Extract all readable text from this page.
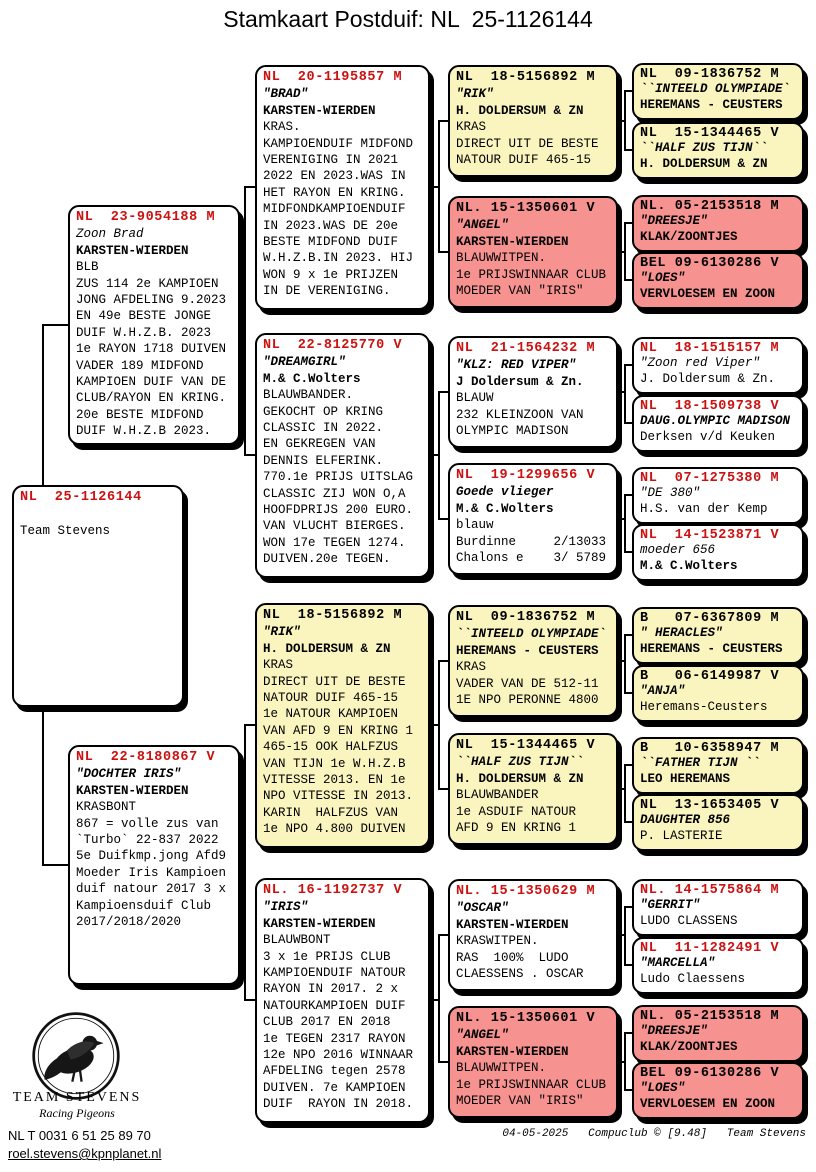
Stamkaart Postduif: NL  25-1126144
NL  25-1126144

Team Stevens
NL  23-9054188 M
Zoon Brad
KARSTEN-WIERDEN
BLB
ZUS 114 2e KAMPIOEN
JONG AFDELING 9.2023
EN 49e BESTE JONGE
DUIF W.H.Z.B. 2023
1e RAYON 1718 DUIVEN
VADER 189 MIDFOND
KAMPIOEN DUIF VAN DE
CLUB/RAYON EN KRING.
20e BESTE MIDFOND
DUIF W.H.Z.B 2023.
NL  22-8180867 V
"DOCHTER IRIS"
KARSTEN-WIERDEN
KRASBONT
867 = volle zus van
`Turbo` 22-837 2022
5e Duifkmp.jong Afd9
Moeder Iris Kampioen
duif natour 2017 3 x
Kampioensduif Club
2017/2018/2020
NL  20-1195857 M
"BRAD"
KARSTEN-WIERDEN
KRAS.
KAMPIOENDUIF MIDFOND
VERENIGING IN 2021
2022 EN 2023.WAS IN
HET RAYON EN KRING.
MIDFONDKAMPIOENDUIF
IN 2023.WAS DE 20e
BESTE MIDFOND DUIF
W.H.Z.B.IN 2023. HIJ
WON 9 x 1e PRIJZEN
IN DE VERENIGING.
NL  22-8125770 V
"DREAMGIRL"
M.& C.Wolters
BLAUWBANDER.
GEKOCHT OP KRING
CLASSIC IN 2022.
EN GEKREGEN VAN
DENNIS ELFERINK.
770.1e PRIJS UITSLAG
CLASSIC ZIJ WON O,A
HOOFDPRIJS 200 EURO.
VAN VLUCHT BIERGES.
WON 17e TEGEN 1274.
DUIVEN.20e TEGEN.
NL  18-5156892 M
"RIK"
H. DOLDERSUM & ZN
KRAS
DIRECT UIT DE BESTE
NATOUR DUIF 465-15
1e NATOUR KAMPIOEN
VAN AFD 9 EN KRING 1
465-15 OOK HALFZUS
VAN TIJN 1e W.H.Z.B
VITESSE 2013. EN 1e
NPO VITESSE IN 2013.
KARIN  HALFZUS VAN
1e NPO 4.800 DUIVEN
NL. 16-1192737 V
"IRIS"
KARSTEN-WIERDEN
BLAUWBONT
3 x 1e PRIJS CLUB
KAMPIOENDUIF NATOUR
RAYON IN 2017. 2 x
NATOURKAMPIOEN DUIF
CLUB 2017 EN 2018
1e TEGEN 2317 RAYON
12e NPO 2016 WINNAAR
AFDELING tegen 2578
DUIVEN. 7e KAMPIOEN
DUIF  RAYON IN 2018.
NL  18-5156892 M
"RIK"
H. DOLDERSUM & ZN
KRAS
DIRECT UIT DE BESTE
NATOUR DUIF 465-15
NL. 15-1350601 V
"ANGEL"
KARSTEN-WIERDEN
BLAUWWITPEN.
1e PRIJSWINNAAR CLUB
MOEDER VAN "IRIS"
NL  21-1564232 M
"KLZ: RED VIPER"
J Doldersum & Zn.
BLAUW
232 KLEINZOON VAN
OLYMPIC MADISON
NL  19-1299656 V
Goede vlieger
M.& C.Wolters
blauw
Burdinne     2/13033
Chalons e    3/ 5789
NL  09-1836752 M
``INTEELD OLYMPIADE`
HEREMANS - CEUSTERS
KRAS
VADER VAN DE 512-11
1E NPO PERONNE 4800
NL  15-1344465 V
``HALF ZUS TIJN``
H. DOLDERSUM & ZN
BLAUWBANDER
1e ASDUIF NATOUR
AFD 9 EN KRING 1
NL. 15-1350629 M
"OSCAR"
KARSTEN-WIERDEN
KRASWITPEN.
RAS  100%  LUDO
CLAESSENS . OSCAR
NL. 15-1350601 V
"ANGEL"
KARSTEN-WIERDEN
BLAUWWITPEN.
1e PRIJSWINNAAR CLUB
MOEDER VAN "IRIS"
NL  09-1836752 M
``INTEELD OLYMPIADE`
HEREMANS - CEUSTERS
NL  15-1344465 V
``HALF ZUS TIJN``
H. DOLDERSUM & ZN
NL. 05-2153518 M
"DREESJE"
KLAK/ZOONTJES
BEL 09-6130286 V
"LOES"
VERVLOESEM EN ZOON
NL  18-1515157 M
"Zoon red Viper"
J. Doldersum & Zn.
NL  18-1509738 V
DAUG.OLYMPIC MADISON
Derksen v/d Keuken
NL  07-1275380 M
"DE 380"
H.S. van der Kemp
NL  14-1523871 V
moeder 656
M.& C.Wolters
B   07-6367809 M
" HERACLES"
HEREMANS - CEUSTERS
B   06-6149987 V
"ANJA"
Heremans-Ceusters
B   10-6358947 M
``FATHER TIJN ``
LEO HEREMANS
NL  13-1653405 V
DAUGHTER 856
P. LASTERIE
NL. 14-1575864 M
"GERRIT"
LUDO CLASSENS
NL  11-1282491 V
"MARCELLA"
Ludo Claessens
NL. 05-2153518 M
"DREESJE"
KLAK/ZOONTJES
BEL 09-6130286 V
"LOES"
VERVLOESEM EN ZOON
TEAM STEVENS
Racing Pigeons
NL T 0031 6 51 25 89 70
roel.stevens@kpnplanet.nl
04-05-2025   Compuclub © [9.48]   Team Stevens
